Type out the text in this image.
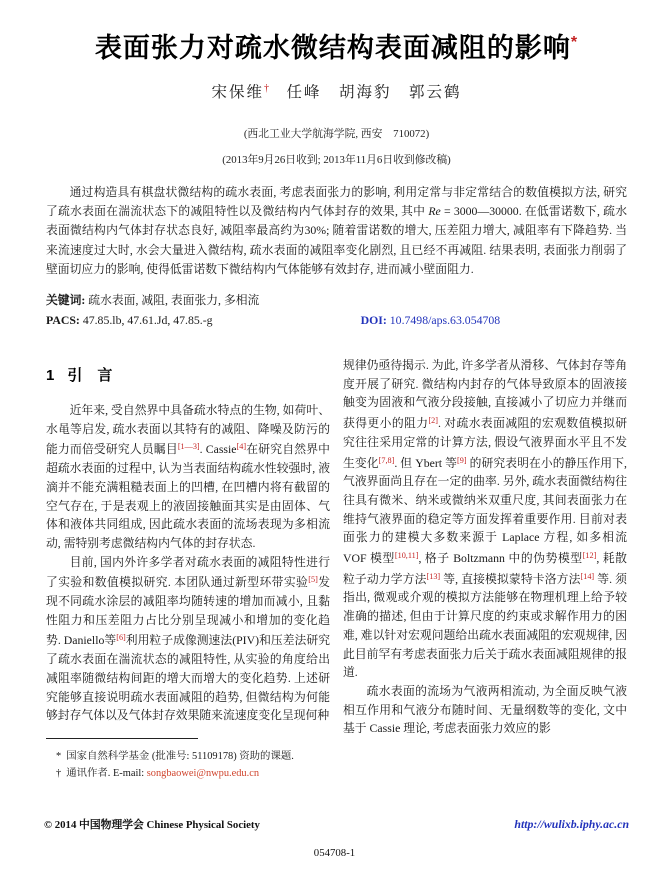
表面张力对疏水微结构表面减阻的影响*
宋保维†　任峰　胡海豹　郭云鹤
(西北工业大学航海学院, 西安　710072)
(2013年9月26日收到; 2013年11月6日收到修改稿)

通过构造具有棋盘状微结构的疏水表面, 考虑表面张力的影响, 利用定常与非定常结合的数值模拟方法, 研究了疏水表面在湍流状态下的减阻特性以及微结构内气体封存的效果, 其中 Re = 3000—30000. 在低雷诺数下, 疏水表面微结构内气体封存状态良好, 减阻率最高约为30%; 随着雷诺数的增大, 压差阻力增大, 减阻率有下降趋势. 当来流速度过大时, 水会大量进入微结构, 疏水表面的减阻率变化剧烈, 且已经不再减阻. 结果表明, 表面张力削弱了壁面切应力的影响, 使得低雷诺数下微结构内气体能够有效封存, 进而减小壁面阻力.

关键词: 疏水表面, 减阻, 表面张力, 多相流
PACS: 47.85.lb, 47.61.Jd, 47.85.-g	DOI: 10.7498/aps.63.054708
1 引　言

近年来, 受自然界中具备疏水特点的生物, 如荷叶、水黾等启发, 疏水表面以其特有的减阻、降噪及防污的能力而倍受研究人员瞩目[1—3]. Cassie[4]在研究自然界中超疏水表面的过程中, 认为当表面结构疏水性较强时, 液滴并不能充满粗糙表面上的凹槽, 在凹槽内将有截留的空气存在, 于是表观上的液固接触面其实是由固体、气体和液体共同组成, 因此疏水表面的流场表现为多相流动, 需特别考虑微结构内气体的封存状态.

目前, 国内外许多学者对疏水表面的减阻特性进行了实验和数值模拟研究. 本团队通过新型环带实验[5]发现不同疏水涂层的减阻率均随转速的增加而减小, 且黏性阻力和压差阻力占比分别呈现减小和增加的变化趋势. Daniello等[6]利用粒子成像测速法(PIV)和压差法研究了疏水表面在湍流状态的减阻特性, 从实验的角度给出减阻率随微结构间距的增大而增大的变化趋势. 上述研究能够直接说明疏水表面减阻的趋势, 但微结构为何能够封存气体以及气体封存效果随来流速度变化呈现何种

* 国家自然科学基金 (批准号: 51109178) 资助的课题.
† 通讯作者. E-mail: songbaowei@nwpu.edu.cn

规律仍亟待揭示. 为此, 许多学者从滑移、气体封存等角度开展了研究. 微结构内封存的气体导致原本的固液接触变为固液和气液分段接触, 直接减小了切应力并继而获得更小的阻力[2]. 对疏水表面减阻的宏观数值模拟研究往往采用定常的计算方法, 假设气液界面水平且不发生变化[7,8]. 但 Ybert 等[9] 的研究表明在小的静压作用下, 气液界面尚且存在一定的曲率. 另外, 疏水表面微结构往往具有微米、纳米或微纳米双重尺度, 其间表面张力在维持气液界面的稳定等方面发挥着重要作用. 目前对表面张力的建模大多数来源于 Laplace 方程, 如多相流 VOF 模型[10,11], 格子 Boltzmann 中的伪势模型[12], 耗散粒子动力学方法[13] 等, 直接模拟蒙特卡洛方法[14] 等. 须指出, 微观或介观的模拟方法能够在物理机理上给予较准确的描述, 但由于计算尺度的约束或求解作用力的困难, 难以针对宏观问题给出疏水表面减阻的宏观规律, 因此目前罕有考虑表面张力后关于疏水表面减阻规律的报道.

疏水表面的流场为气液两相流动, 为全面反映气液相互作用和气液分布随时间、无量纲数等的变化, 文中基于 Cassie 理论, 考虑表面张力效应的影

© 2014 中国物理学会 Chinese Physical Society	http://wulixb.iphy.ac.cn
054708-1
